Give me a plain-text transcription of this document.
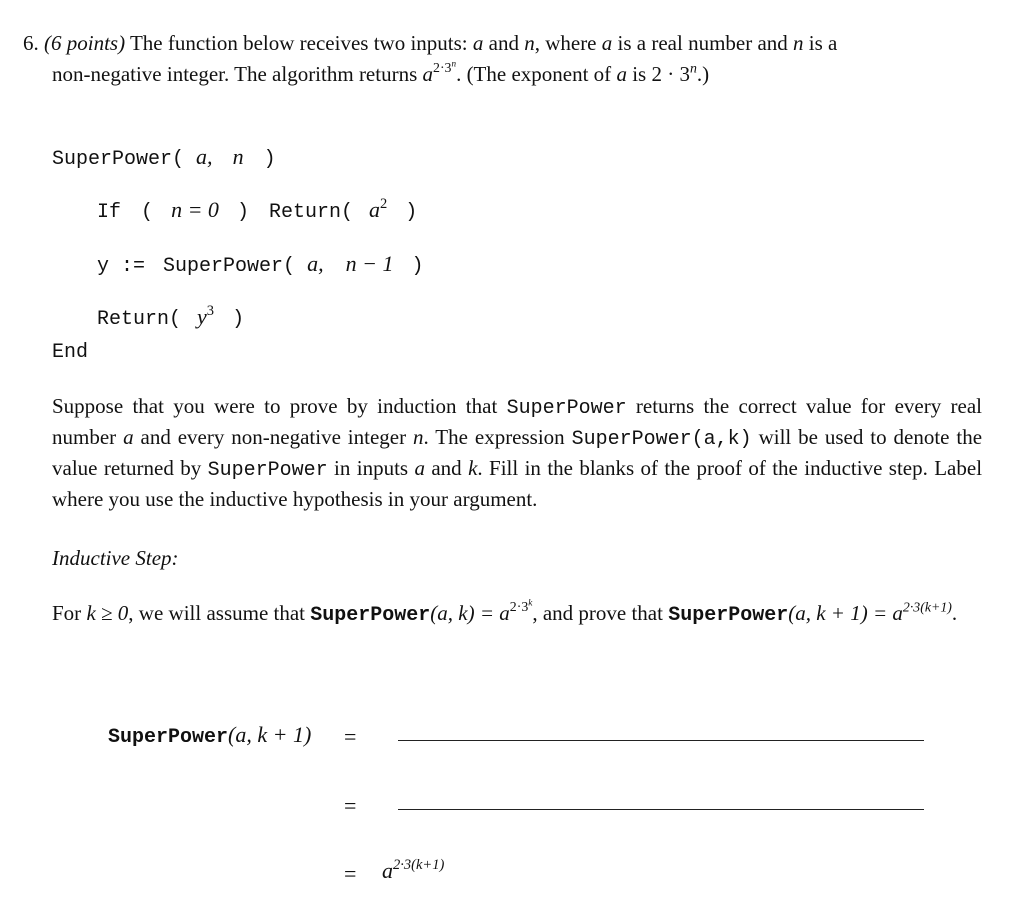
6. (6 points) The function below receives two inputs: a and n, where a is a real number and n is a
non-negative integer. The algorithm returns $a^{2\cdot 3^n}$. (The exponent of a is $2 \cdot 3^n$.)
SuperPower( a, n )
If ( n = 0 ) Return( $a^2$ )
y := SuperPower( a, n − 1 )
Return( $y^3$ )
End
Suppose that you were to prove by induction that SuperPower returns the correct value for every real number a and every non-negative integer n. The expression SuperPower(a,k) will be used to denote the value returned by SuperPower in inputs a and k. Fill in the blanks of the proof of the inductive step. Label where you use the inductive hypothesis in your argument.
Inductive Step:
For k ≥ 0, we will assume that SuperPower(a, $k) = a^{2\cdot 3^k}$, and prove that SuperPower(a, $k + 1) = a^{2\cdot 3(k+1)}$.
SuperPower(a, k + 1) =
=
= $a^{2\cdot 3(k+1)}$
